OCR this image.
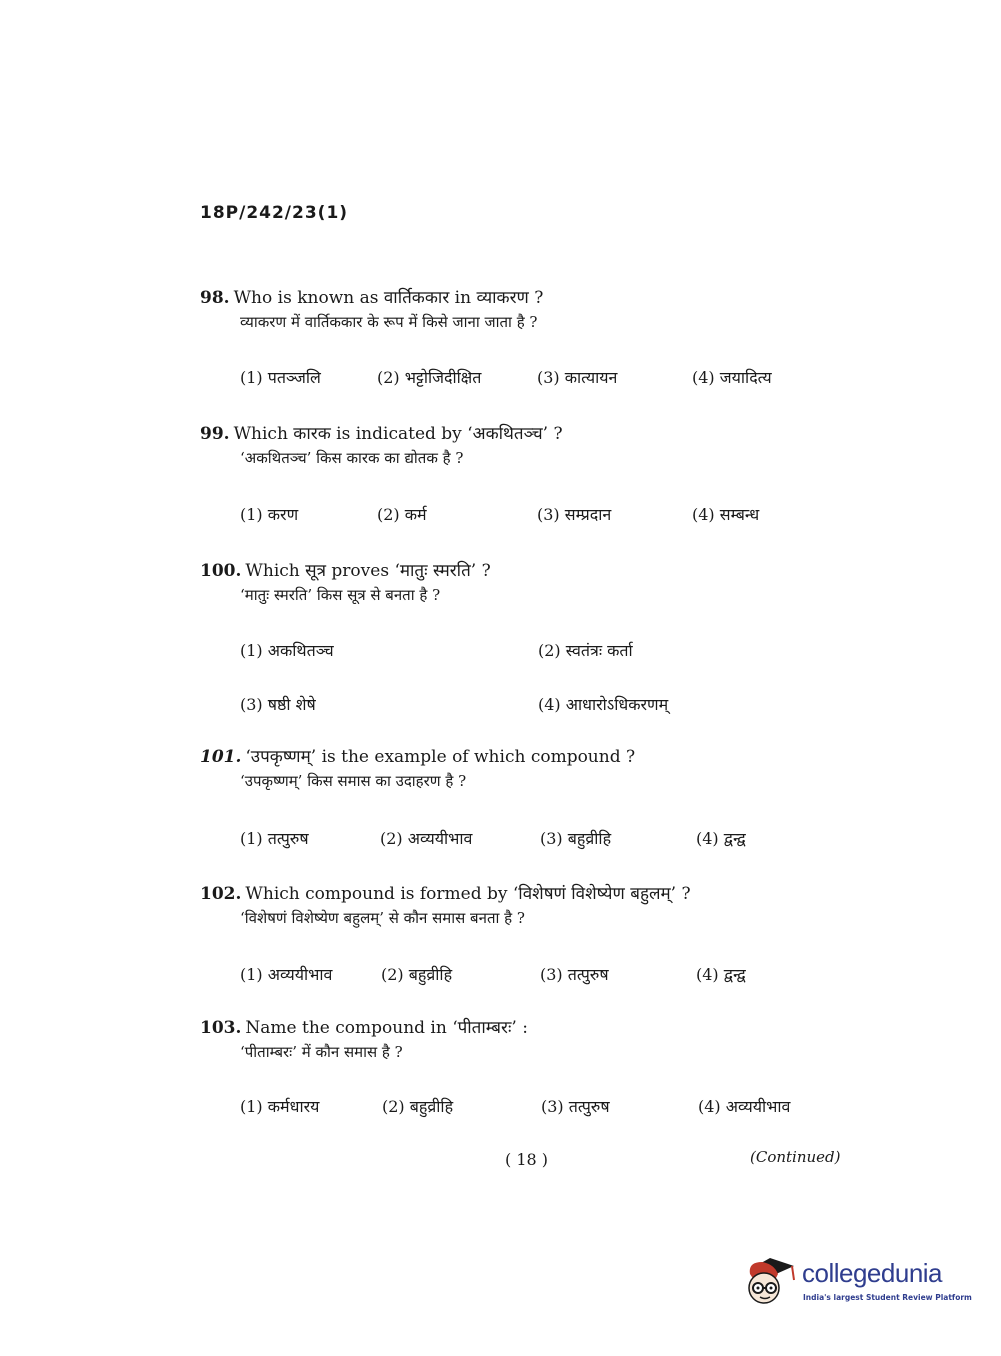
18P/242/23(1)
98. Who is known as वार्तिककार in व्याकरण ?
व्याकरण में वार्तिककार के रूप में किसे जाना जाता है ?
(1) पतञ्जलि	(2) भट्टोजिदीक्षित	(3) कात्यायन	(4) जयादित्य
99. Which कारक is indicated by ‘अकथितञ्च’ ?
‘अकथितञ्च’ किस कारक का द्योतक है ?
(1) करण	(2) कर्म	(3) सम्प्रदान	(4) सम्बन्ध
100. Which सूत्र proves ‘मातुः स्मरति’ ?
‘मातुः स्मरति’ किस सूत्र से बनता है ?
(1) अकथितञ्च	(2) स्वतंत्रः कर्ता
(3) षष्ठी शेषे	(4) आधारोऽधिकरणम्
101. ‘उपकृष्णम्’ is the example of which compound ?
‘उपकृष्णम्’ किस समास का उदाहरण है ?
(1) तत्पुरुष	(2) अव्ययीभाव	(3) बहुव्रीहि	(4) द्वन्द्व
102. Which compound is formed by ‘विशेषणं विशेष्येण बहुलम्’ ?
‘विशेषणं विशेष्येण बहुलम्’ से कौन समास बनता है ?
(1) अव्ययीभाव	(2) बहुव्रीहि	(3) तत्पुरुष	(4) द्वन्द्व
103. Name the compound in ‘पीताम्बरः’ :
‘पीताम्बरः’ में कौन समास है ?
(1) कर्मधारय	(2) बहुव्रीहि	(3) तत्पुरुष	(4) अव्ययीभाव
( 18 )	(Continued)
collegedunia
India's largest Student Review Platform
